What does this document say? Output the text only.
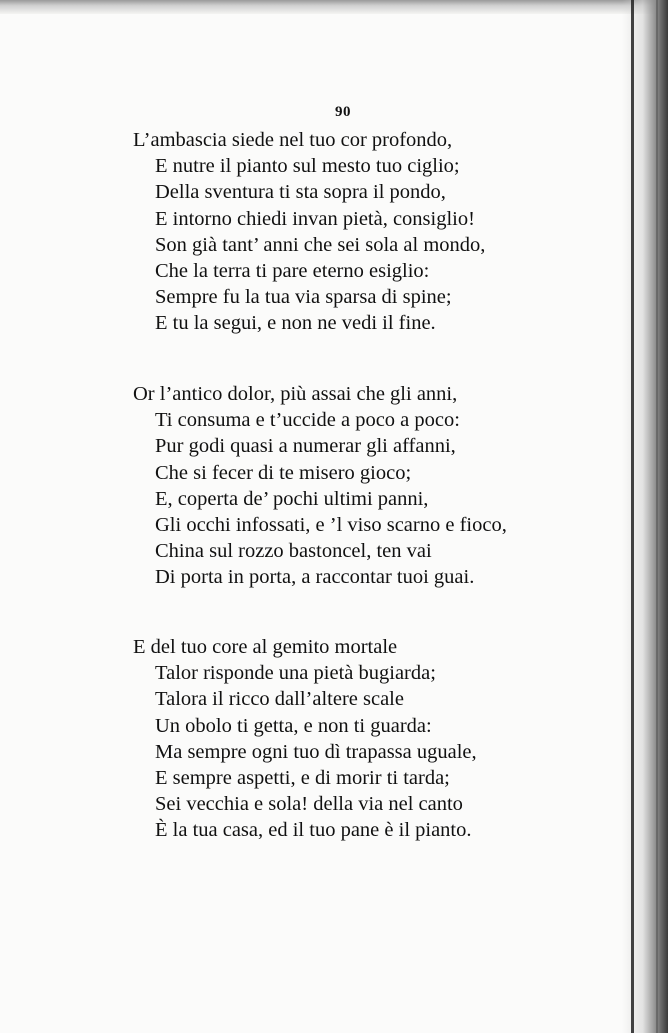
90
L’ambascia siede nel tuo cor profondo,
E nutre il pianto sul mesto tuo ciglio;
Della sventura ti sta sopra il pondo,
E intorno chiedi invan pietà, consiglio!
Son già tant’ anni che sei sola al mondo,
Che la terra ti pare eterno esiglio:
Sempre fu la tua via sparsa di spine;
E tu la segui, e non ne vedi il fine.
Or l’antico dolor, più assai che gli anni,
Ti consuma e t’uccide a poco a poco:
Pur godi quasi a numerar gli affanni,
Che si fecer di te misero gioco;
E, coperta de’ pochi ultimi panni,
Gli occhi infossati, e ’l viso scarno e fioco,
China sul rozzo bastoncel, ten vai
Di porta in porta, a raccontar tuoi guai.
E del tuo core al gemito mortale
Talor risponde una pietà bugiarda;
Talora il ricco dall’altere scale
Un obolo ti getta, e non ti guarda:
Ma sempre ogni tuo dì trapassa uguale,
E sempre aspetti, e di morir ti tarda;
Sei vecchia e sola! della via nel canto
È la tua casa, ed il tuo pane è il pianto.
